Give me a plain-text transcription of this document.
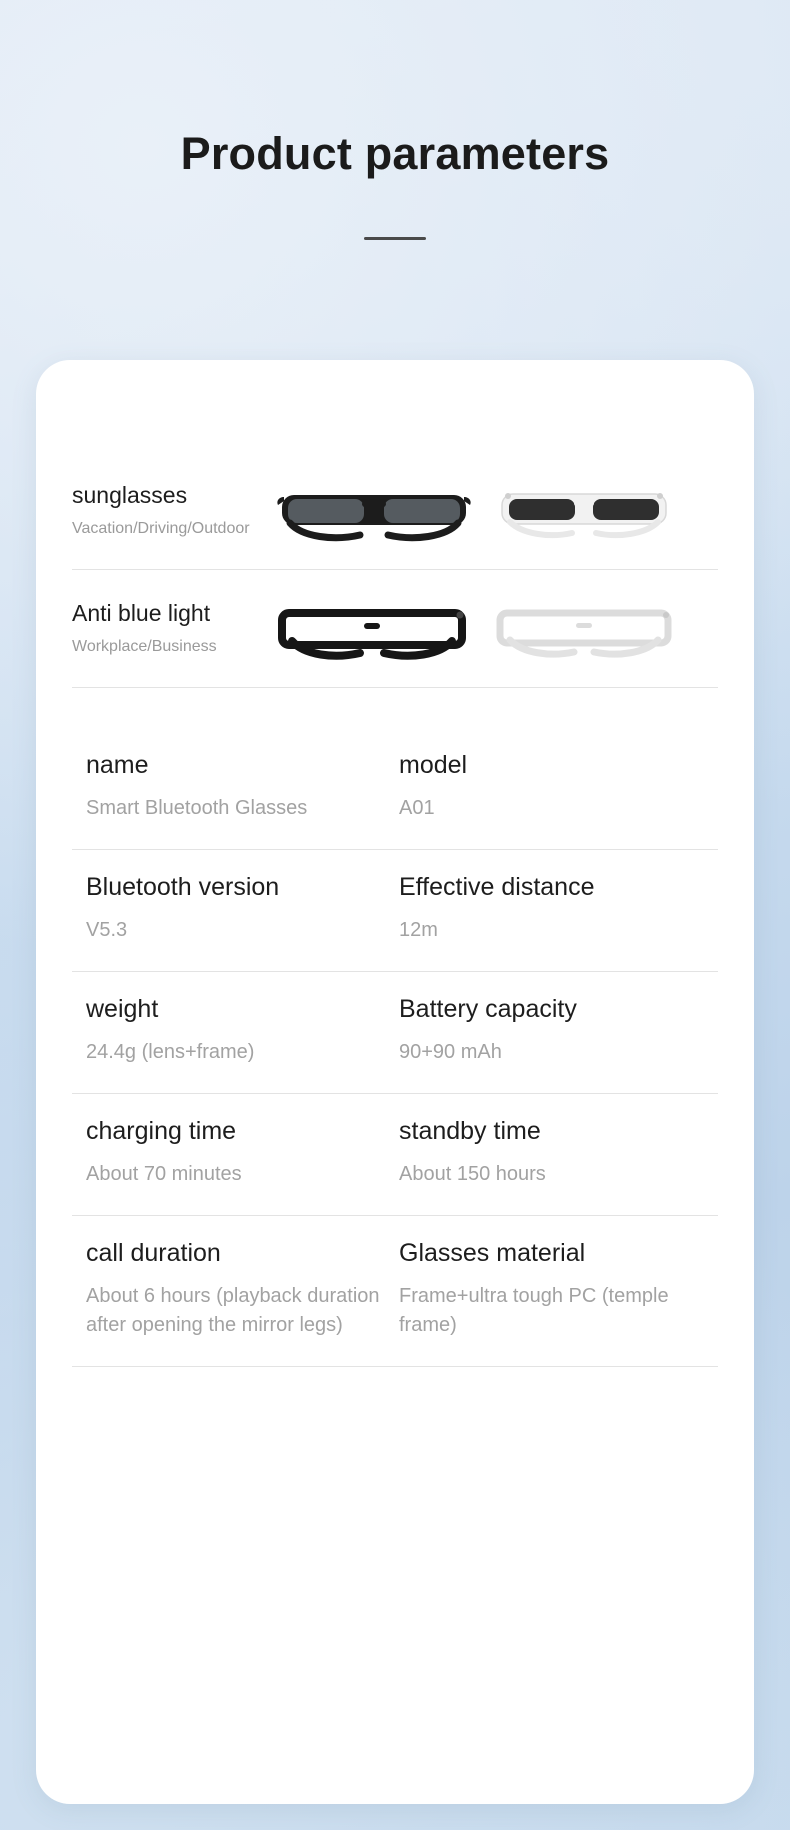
Product parameters
sunglasses
Vacation/Driving/Outdoor
Anti blue light
Workplace/Business
name
Smart Bluetooth Glasses
model
A01
Bluetooth version
V5.3
Effective distance
12m
weight
24.4g (lens+frame)
Battery capacity
90+90 mAh
charging time
About 70 minutes
standby time
About 150 hours
call duration
About 6 hours (playback duration after opening the mirror legs)
Glasses material
Frame+ultra tough PC (temple frame)
